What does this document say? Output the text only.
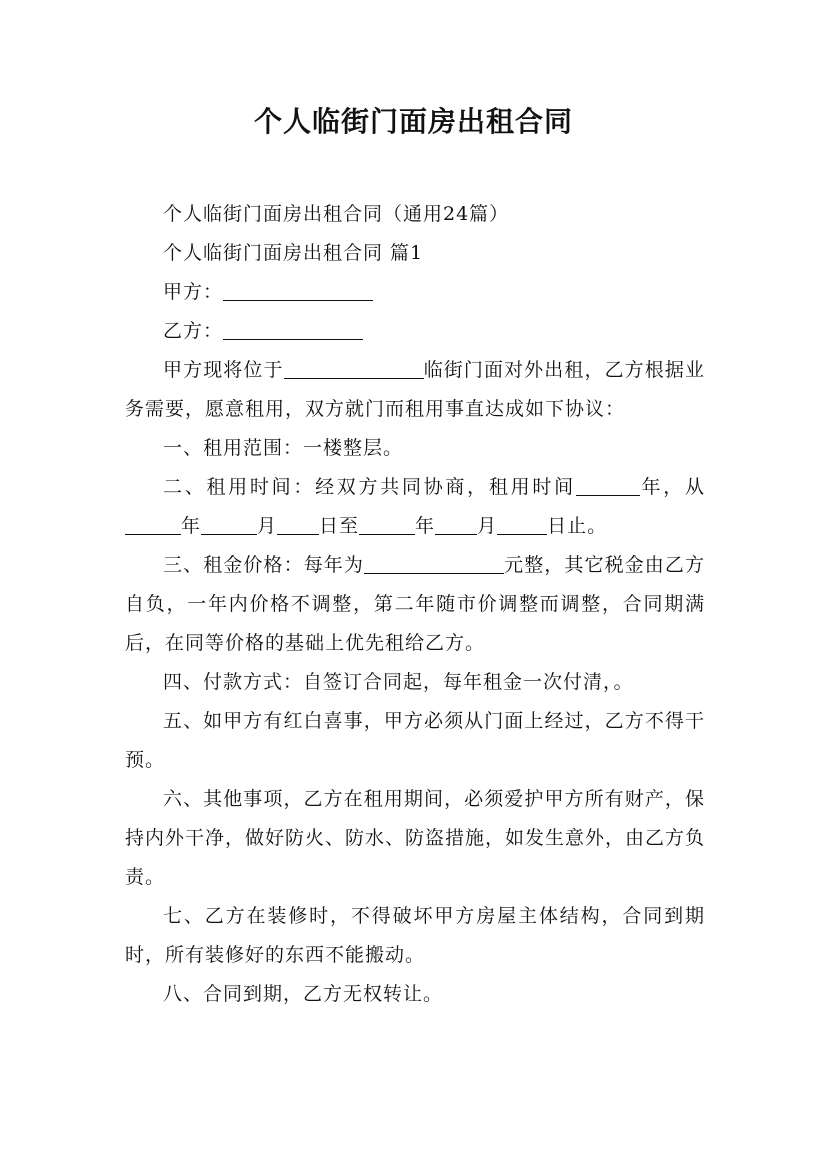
个人临街门面房出租合同

个人临街门面房出租合同（通用24篇）

个人临街门面房出租合同 篇1

甲方：

乙方：

甲方现将位于	临街门面对外出租，乙方根据业务需要，愿意租用，双方就门而租用事直达成如下协议：

一、租用范围：一楼整层。

二、租用时间：经双方共同协商，租用时间	年，从年	月 日至	年 月	日止。

三、租金价格：每年为	元整，其它税金由乙方自负，一年内价格不调整，第二年随市价调整而调整，合同期满后，在同等价格的基础上优先租给乙方。

四、付款方式：自签订合同起，每年租金一次付清，。

五、如甲方有红白喜事，甲方必须从门面上经过，乙方不得干预。

六、其他事项，乙方在租用期间，必须爱护甲方所有财产，保持内外干净，做好防火、防水、防盗措施，如发生意外，由乙方负责。

七、乙方在装修时，不得破坏甲方房屋主体结构，合同到期时，所有装修好的东西不能搬动。

八、合同到期，乙方无权转让。
